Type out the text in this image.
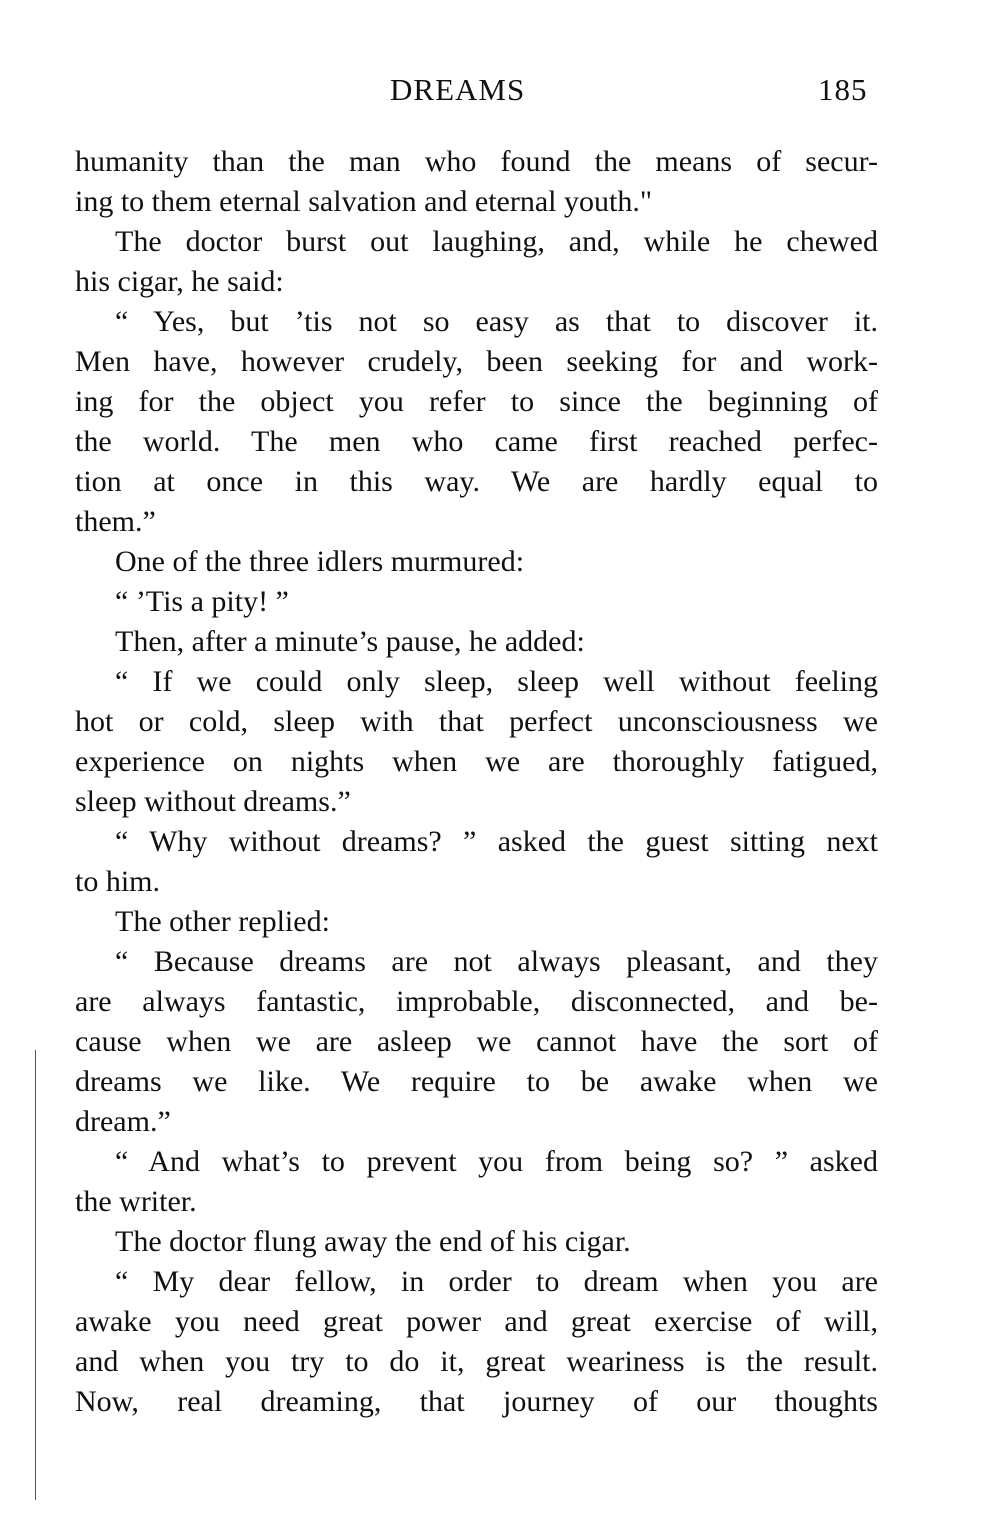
DREAMS	185
humanity than the man who found the means of secur-
ing to them eternal salvation and eternal youth."
The doctor burst out laughing, and, while he chewed
his cigar, he said:
“ Yes, but ’tis not so easy as that to discover it.
Men have, however crudely, been seeking for and work-
ing for the object you refer to since the beginning of
the world. The men who came first reached perfec-
tion at once in this way. We are hardly equal to
them.”
One of the three idlers murmured:
“ ’Tis a pity! ”
Then, after a minute’s pause, he added:
“ If we could only sleep, sleep well without feeling
hot or cold, sleep with that perfect unconsciousness we
experience on nights when we are thoroughly fatigued,
sleep without dreams.”
“ Why without dreams? ” asked the guest sitting next
to him.
The other replied:
“ Because dreams are not always pleasant, and they
are always fantastic, improbable, disconnected, and be-
cause when we are asleep we cannot have the sort of
dreams we like. We require to be awake when we
dream.”
“ And what’s to prevent you from being so? ” asked
the writer.
The doctor flung away the end of his cigar.
“ My dear fellow, in order to dream when you are
awake you need great power and great exercise of will,
and when you try to do it, great weariness is the result.
Now, real dreaming, that journey of our thoughts
